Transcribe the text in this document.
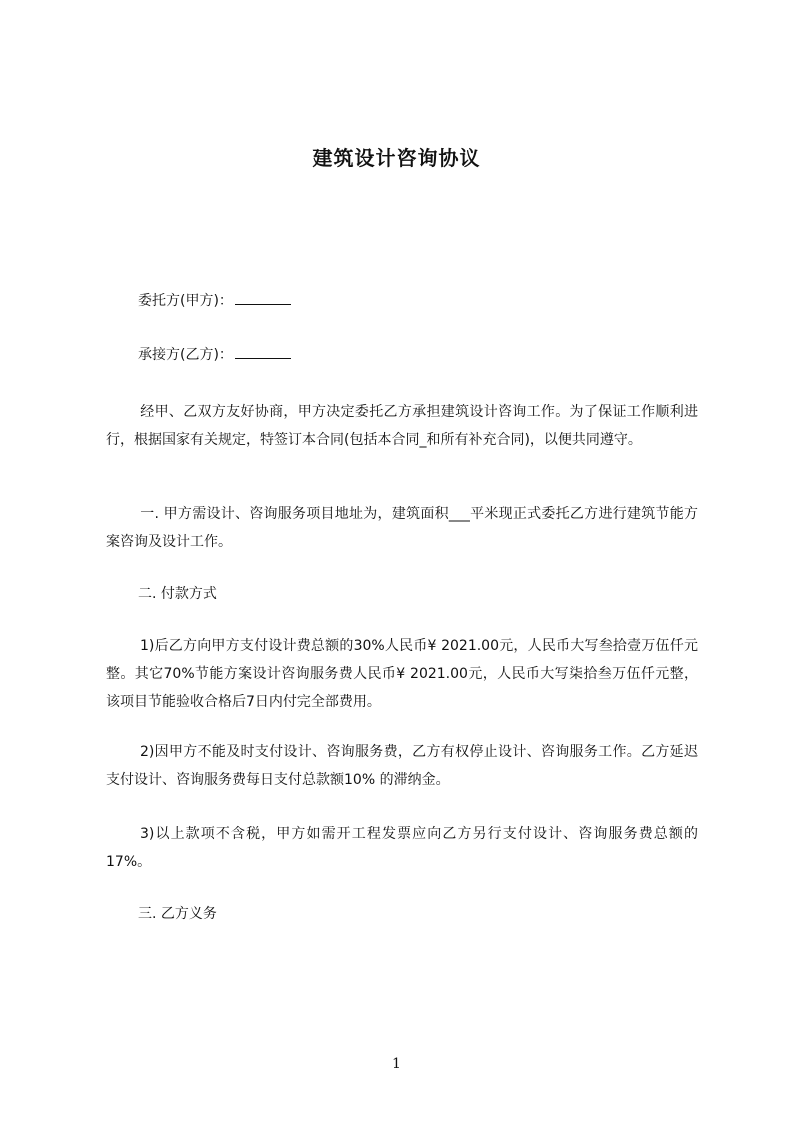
建筑设计咨询协议
委托方(甲方)：
承接方(乙方)：
经甲、乙双方友好协商，甲方决定委托乙方承担建筑设计咨询工作。为了保证工作顺利进行，根据国家有关规定，特签订本合同(包括本合同_和所有补充合同)，以便共同遵守。
一. 甲方需设计、咨询服务项目地址为，建筑面积___平米现正式委托乙方进行建筑节能方案咨询及设计工作。
二. 付款方式
1)后乙方向甲方支付设计费总额的30%人民币¥ 2021.00元，人民币大写叁拾壹万伍仟元整。其它70%节能方案设计咨询服务费人民币¥ 2021.00元，人民币大写柒拾叁万伍仟元整，该项目节能验收合格后7日内付完全部费用。
2)因甲方不能及时支付设计、咨询服务费，乙方有权停止设计、咨询服务工作。乙方延迟支付设计、咨询服务费每日支付总款额10% 的滞纳金。
3)以上款项不含税，甲方如需开工程发票应向乙方另行支付设计、咨询服务费总额的17%。
三. 乙方义务
1
